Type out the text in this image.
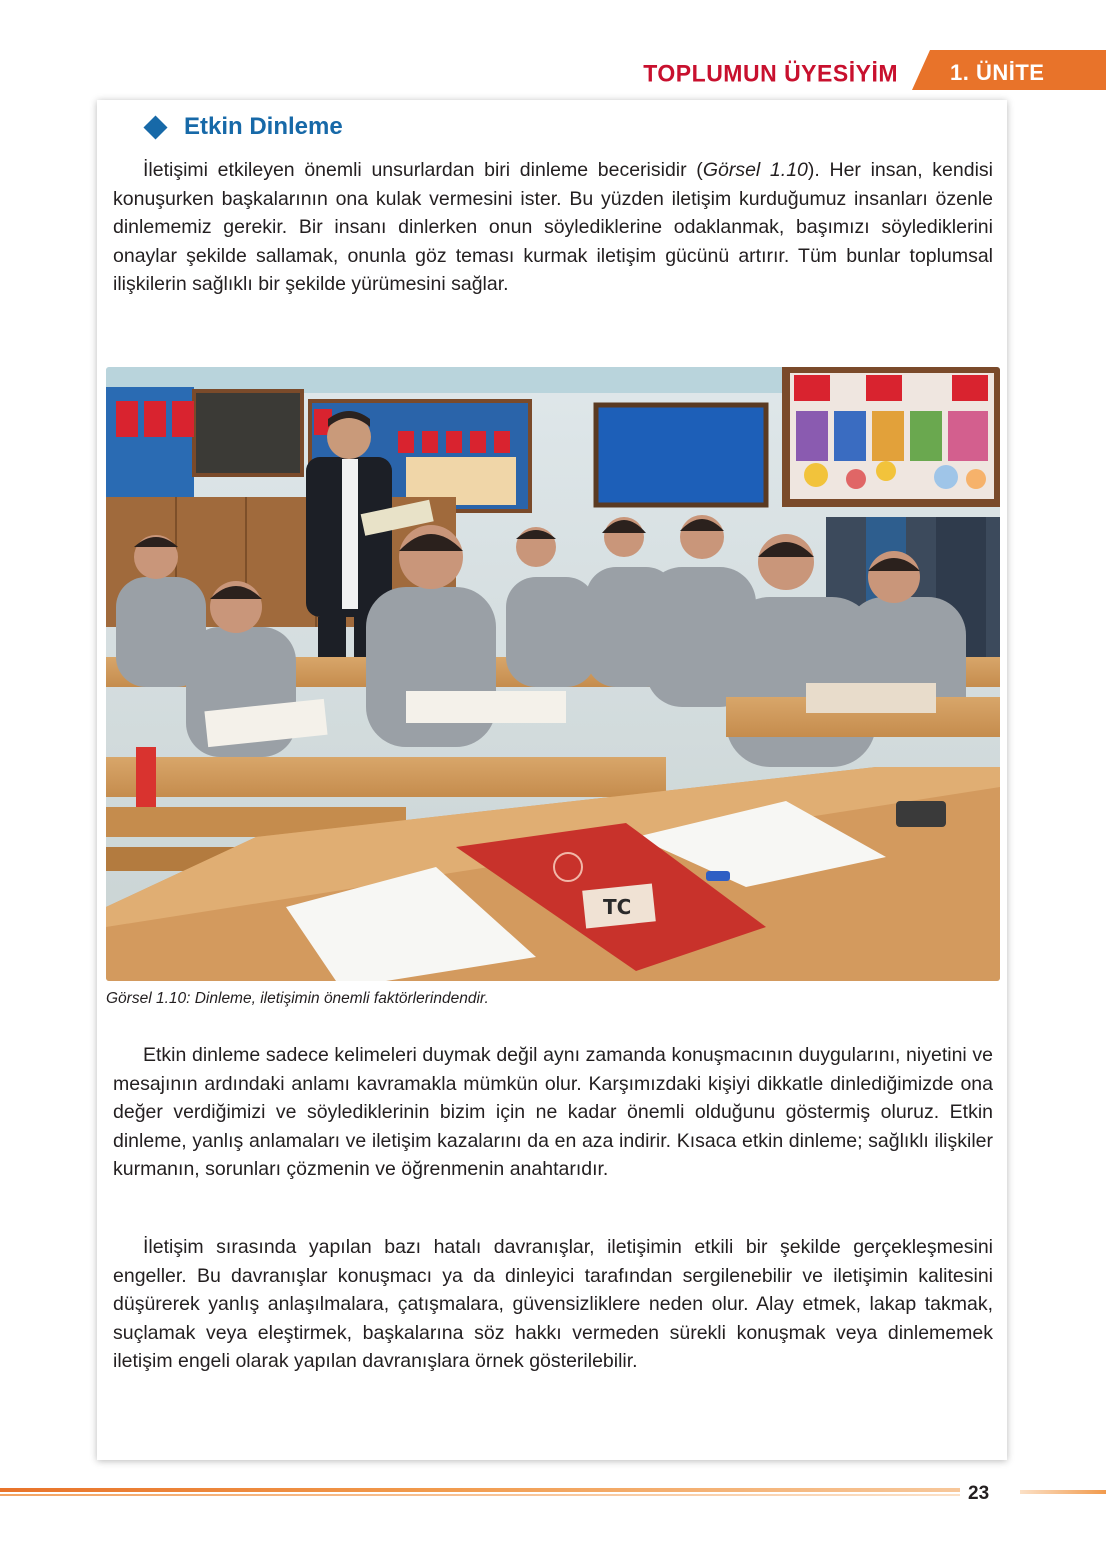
TOPLUMUN ÜYESİYİM 1. ÜNİTE
Etkin Dinleme

İletişimi etkileyen önemli unsurlardan biri dinleme becerisidir (Görsel 1.10). Her insan, kendisi konuşurken başkalarının ona kulak vermesini ister. Bu yüzden iletişim kurduğumuz insanları özenle dinlememiz gerekir. Bir insanı dinlerken onun söylediklerine odaklanmak, başımızı söylediklerini onaylar şekilde sallamak, onunla göz teması kurmak iletişim gücünü artırır. Tüm bunlar toplumsal ilişkilerin sağlıklı bir şekilde yürümesini sağlar.

TC
Görsel 1.10: Dinleme, iletişimin önemli faktörlerindendir.

Etkin dinleme sadece kelimeleri duymak değil aynı zamanda konuşmacının duygularını, niyetini ve mesajının ardındaki anlamı kavramakla mümkün olur. Karşımızdaki kişiyi dikkatle dinlediğimizde ona değer verdiğimizi ve söylediklerinin bizim için ne kadar önemli olduğunu göstermiş oluruz. Etkin dinleme, yanlış anlamaları ve iletişim kazalarını da en aza indirir. Kısaca etkin dinleme; sağlıklı ilişkiler kurmanın, sorunları çözmenin ve öğrenmenin anahtarıdır.

İletişim sırasında yapılan bazı hatalı davranışlar, iletişimin etkili bir şekilde gerçekleşmesini engeller. Bu davranışlar konuşmacı ya da dinleyici tarafından sergilenebilir ve iletişimin kalitesini düşürerek yanlış anlaşılmalara, çatışmalara, güvensizliklere neden olur. Alay etmek, lakap takmak, suçlamak veya eleştirmek, başkalarına söz hakkı vermeden sürekli konuşmak veya dinlememek iletişim engeli olarak yapılan davranışlara örnek gösterilebilir.

23
